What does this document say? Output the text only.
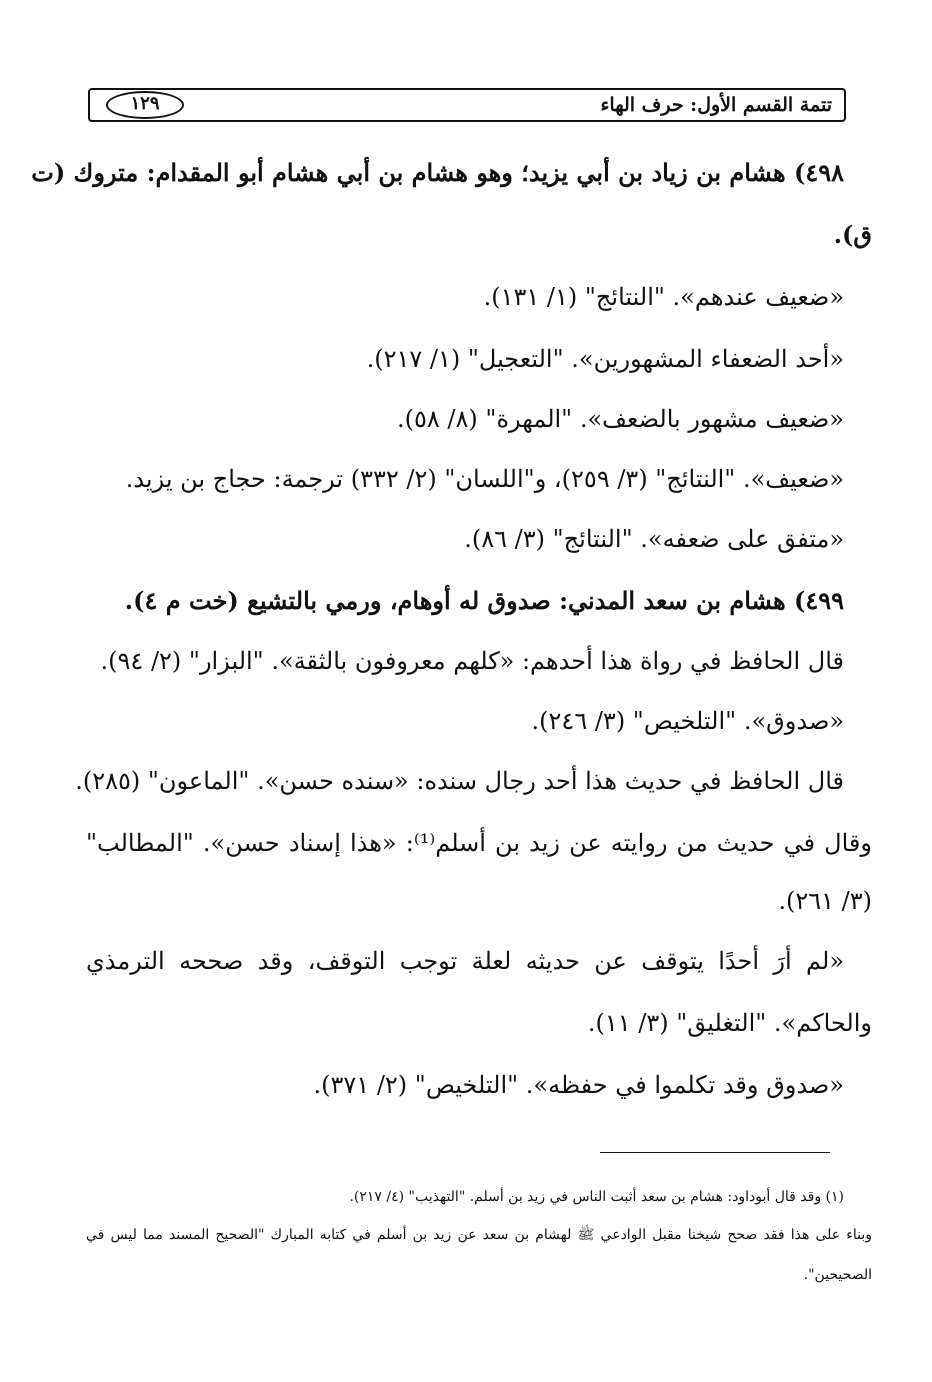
تتمة القسم الأول: حرف الهاء
١٢٩
٤٩٨) هشام بن زياد بن أبي يزيد؛ وهو هشام بن أبي هشام أبو المقدام: متروك (ت
ق).
«ضعيف عندهم». "النتائج" (١/ ١٣١).
«أحد الضعفاء المشهورين». "التعجيل" (١/ ٢١٧).
«ضعيف مشهور بالضعف». "المهرة" (٨/ ٥٨).
«ضعيف». "النتائج" (٣/ ٢٥٩)، و"اللسان" (٢/ ٣٣٢) ترجمة: حجاج بن يزيد.
«متفق على ضعفه». "النتائج" (٣/ ٨٦).
٤٩٩) هشام بن سعد المدني: صدوق له أوهام، ورمي بالتشيع (خت م ٤).
قال الحافظ في رواة هذا أحدهم: «كلهم معروفون بالثقة». "البزار" (٢/ ٩٤).
«صدوق». "التلخيص" (٣/ ٢٤٦).
قال الحافظ في حديث هذا أحد رجال سنده: «سنده حسن». "الماعون" (٢٨٥).
وقال في حديث من روايته عن زيد بن أسلم⁽¹⁾: «هذا إسناد حسن». "المطالب"
(٣/ ٢٦١).
«لم أرَ أحدًا يتوقف عن حديثه لعلة توجب التوقف، وقد صححه الترمذي
والحاكم». "التغليق" (٣/ ١١).
«صدوق وقد تكلموا في حفظه». "التلخيص" (٢/ ٣٧١).
(١) وقد قال أبوداود: هشام بن سعد أثبت الناس في زيد بن أسلم. "التهذيب" (٤/ ٢١٧).
وبناء على هذا فقد صحح شيخنا مقبل الوادعي ﷺ لهشام بن سعد عن زيد بن أسلم في كتابه المبارك "الصحيح المسند مما ليس في
الصحيحين".
